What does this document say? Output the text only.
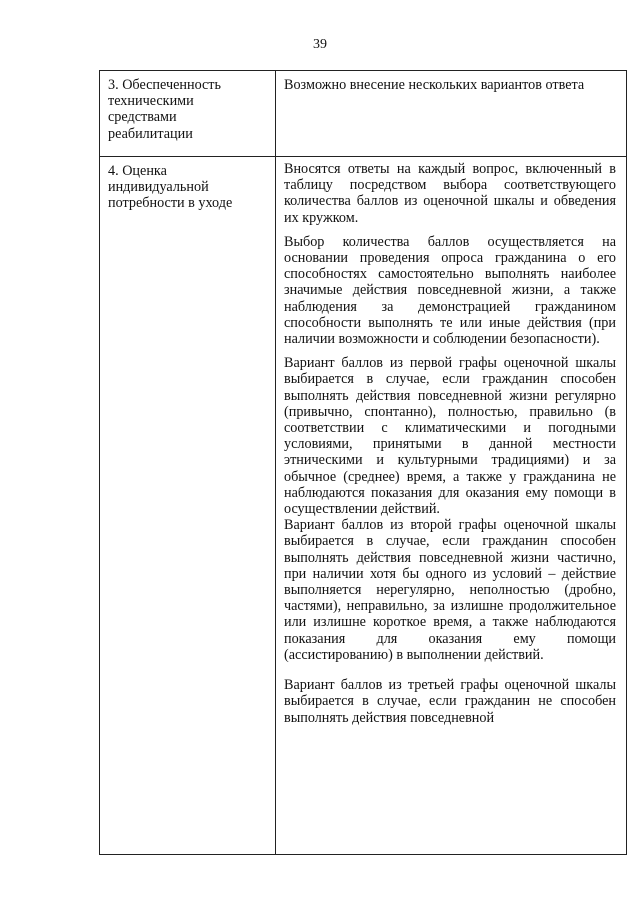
39
3. Обеспеченность техническими средствами реабилитации	Возможно внесение нескольких вариантов ответа

4. Оценка индивидуальной потребности в уходе	Вносятся ответы на каждый вопрос, включенный в таблицу посредством выбора соответствующего количества баллов из оценочной шкалы и обведения их кружком.

Выбор количества баллов осуществляется на основании проведения опроса гражданина о его способностях самостоятельно выполнять наиболее значимые действия повседневной жизни, а также наблюдения за демонстрацией гражданином способности выполнять те или иные действия (при наличии возможности и соблюдении безопасности).

Вариант баллов из первой графы оценочной шкалы выбирается в случае, если гражданин способен выполнять действия повседневной жизни регулярно (привычно, спонтанно), полностью, правильно (в соответствии с климатическими и погодными условиями, принятыми в данной местности этническими и культурными традициями) и за обычное (среднее) время, а также у гражданина не наблюдаются показания для оказания ему помощи в осуществлении действий.

Вариант баллов из второй графы оценочной шкалы выбирается в случае, если гражданин способен выполнять действия повседневной жизни частично, при наличии хотя бы одного из условий – действие выполняется нерегулярно, неполностью (дробно, частями), неправильно, за излишне продолжительное или излишне короткое время, а также наблюдаются показания для оказания ему помощи (ассистированию) в выполнении действий.

Вариант баллов из третьей графы оценочной шкалы выбирается в случае, если гражданин не способен выполнять действия повседневной
